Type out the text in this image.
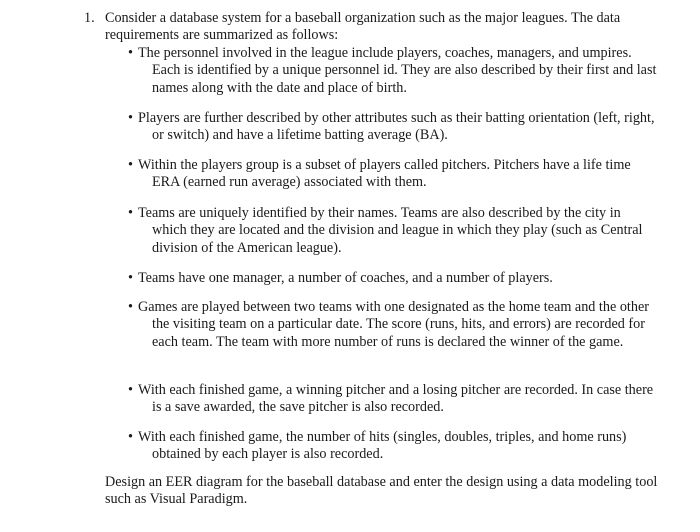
1. Consider a database system for a baseball organization such as the major leagues. The data requirements are summarized as follows:
• The personnel involved in the league include players, coaches, managers, and umpires. Each is identified by a unique personnel id. They are also described by their first and last names along with the date and place of birth.
• Players are further described by other attributes such as their batting orientation (left, right, or switch) and have a lifetime batting average (BA).
• Within the players group is a subset of players called pitchers. Pitchers have a life time ERA (earned run average) associated with them.
• Teams are uniquely identified by their names. Teams are also described by the city in which they are located and the division and league in which they play (such as Central division of the American league).
• Teams have one manager, a number of coaches, and a number of players.
• Games are played between two teams with one designated as the home team and the other the visiting team on a particular date. The score (runs, hits, and errors) are recorded for each team. The team with more number of runs is declared the winner of the game.
• With each finished game, a winning pitcher and a losing pitcher are recorded. In case there is a save awarded, the save pitcher is also recorded.
• With each finished game, the number of hits (singles, doubles, triples, and home runs) obtained by each player is also recorded.
Design an EER diagram for the baseball database and enter the design using a data modeling tool such as Visual Paradigm.
